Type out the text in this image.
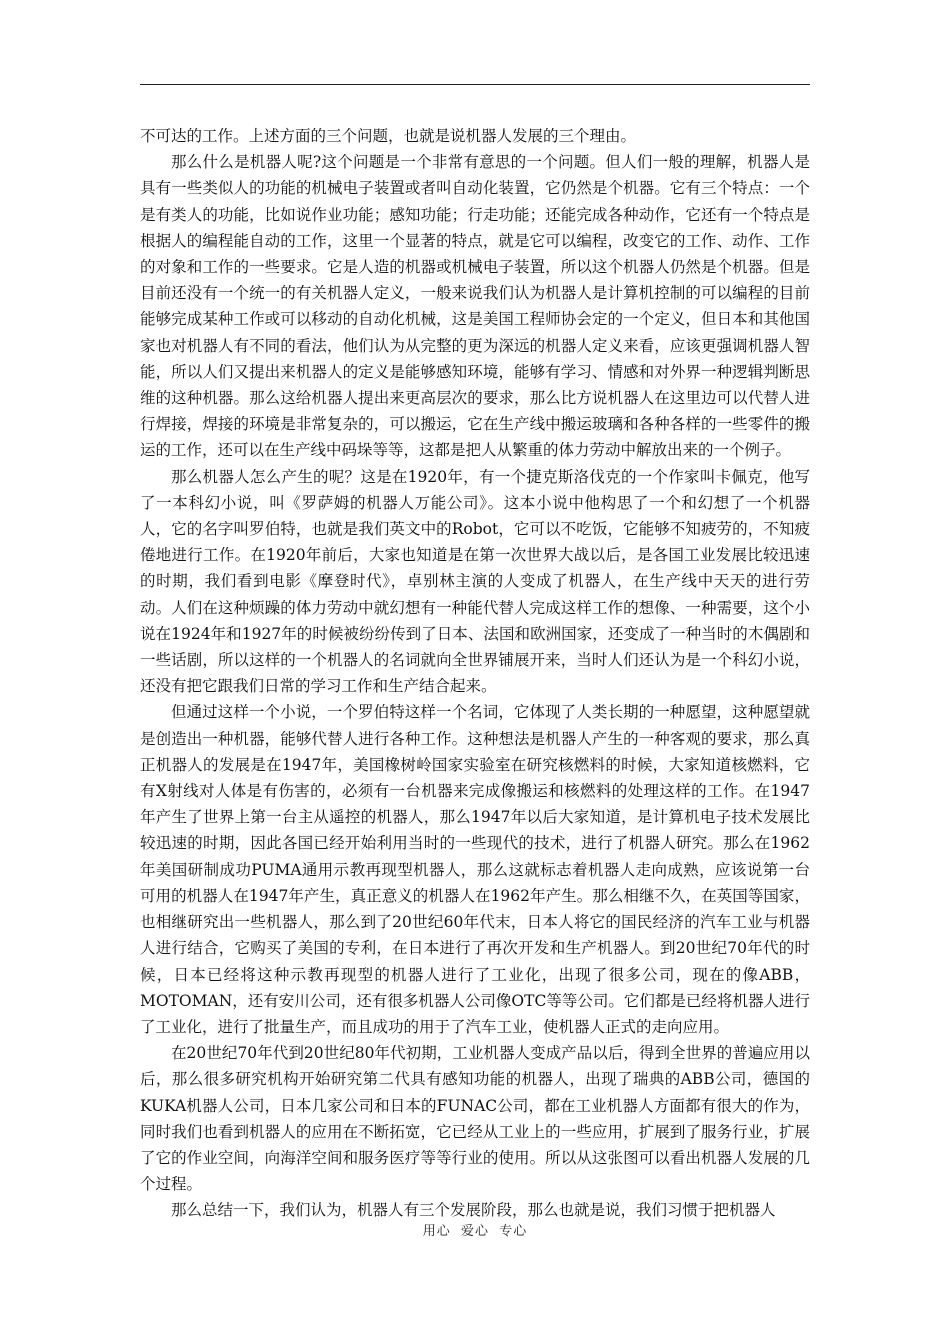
不可达的工作。上述方面的三个问题，也就是说机器人发展的三个理由。

那么什么是机器人呢?这个问题是一个非常有意思的一个问题。但人们一般的理解，机器人是具有一些类似人的功能的机械电子装置或者叫自动化装置，它仍然是个机器。它有三个特点：一个是有类人的功能，比如说作业功能；感知功能；行走功能；还能完成各种动作，它还有一个特点是根据人的编程能自动的工作，这里一个显著的特点，就是它可以编程，改变它的工作、动作、工作的对象和工作的一些要求。它是人造的机器或机械电子装置，所以这个机器人仍然是个机器。但是目前还没有一个统一的有关机器人定义，一般来说我们认为机器人是计算机控制的可以编程的目前能够完成某种工作或可以移动的自动化机械，这是美国工程师协会定的一个定义，但日本和其他国家也对机器人有不同的看法，他们认为从完整的更为深远的机器人定义来看，应该更强调机器人智能，所以人们又提出来机器人的定义是能够感知环境，能够有学习、情感和对外界一种逻辑判断思维的这种机器。那么这给机器人提出来更高层次的要求，那么比方说机器人在这里边可以代替人进行焊接，焊接的环境是非常复杂的，可以搬运，它在生产线中搬运玻璃和各种各样的一些零件的搬运的工作，还可以在生产线中码垛等等，这都是把人从繁重的体力劳动中解放出来的一个例子。

那么机器人怎么产生的呢？这是在1920年，有一个捷克斯洛伐克的一个作家叫卡佩克，他写了一本科幻小说，叫《罗萨姆的机器人万能公司》。这本小说中他构思了一个和幻想了一个机器人，它的名字叫罗伯特，也就是我们英文中的Robot，它可以不吃饭，它能够不知疲劳的，不知疲倦地进行工作。在1920年前后，大家也知道是在第一次世界大战以后，是各国工业发展比较迅速的时期，我们看到电影《摩登时代》，卓别林主演的人变成了机器人，在生产线中天天的进行劳动。人们在这种烦躁的体力劳动中就幻想有一种能代替人完成这样工作的想像、一种需要，这个小说在1924年和1927年的时候被纷纷传到了日本、法国和欧洲国家，还变成了一种当时的木偶剧和一些话剧，所以这样的一个机器人的名词就向全世界铺展开来，当时人们还认为是一个科幻小说，还没有把它跟我们日常的学习工作和生产结合起来。

但通过这样一个小说，一个罗伯特这样一个名词，它体现了人类长期的一种愿望，这种愿望就是创造出一种机器，能够代替人进行各种工作。这种想法是机器人产生的一种客观的要求，那么真正机器人的发展是在1947年，美国橡树岭国家实验室在研究核燃料的时候，大家知道核燃料，它有X射线对人体是有伤害的，必须有一台机器来完成像搬运和核燃料的处理这样的工作。在1947年产生了世界上第一台主从遥控的机器人，那么1947年以后大家知道，是计算机电子技术发展比较迅速的时期，因此各国已经开始利用当时的一些现代的技术，进行了机器人研究。那么在1962年美国研制成功PUMA通用示教再现型机器人，那么这就标志着机器人走向成熟，应该说第一台可用的机器人在1947年产生，真正意义的机器人在1962年产生。那么相继不久，在英国等国家，也相继研究出一些机器人，那么到了20世纪60年代末，日本人将它的国民经济的汽车工业与机器人进行结合，它购买了美国的专利，在日本进行了再次开发和生产机器人。到20世纪70年代的时候，日本已经将这种示教再现型的机器人进行了工业化，出现了很多公司，现在的像ABB，MOTOMAN，还有安川公司，还有很多机器人公司像OTC等等公司。它们都是已经将机器人进行了工业化，进行了批量生产，而且成功的用于了汽车工业，使机器人正式的走向应用。

在20世纪70年代到20世纪80年代初期，工业机器人变成产品以后，得到全世界的普遍应用以后，那么很多研究机构开始研究第二代具有感知功能的机器人，出现了瑞典的ABB公司，德国的KUKA机器人公司，日本几家公司和日本的FUNAC公司，都在工业机器人方面都有很大的作为，同时我们也看到机器人的应用在不断拓宽，它已经从工业上的一些应用，扩展到了服务行业，扩展了它的作业空间，向海洋空间和服务医疗等等行业的使用。所以从这张图可以看出机器人发展的几个过程。

那么总结一下，我们认为，机器人有三个发展阶段，那么也就是说，我们习惯于把机器人

用心  爱心  专心
